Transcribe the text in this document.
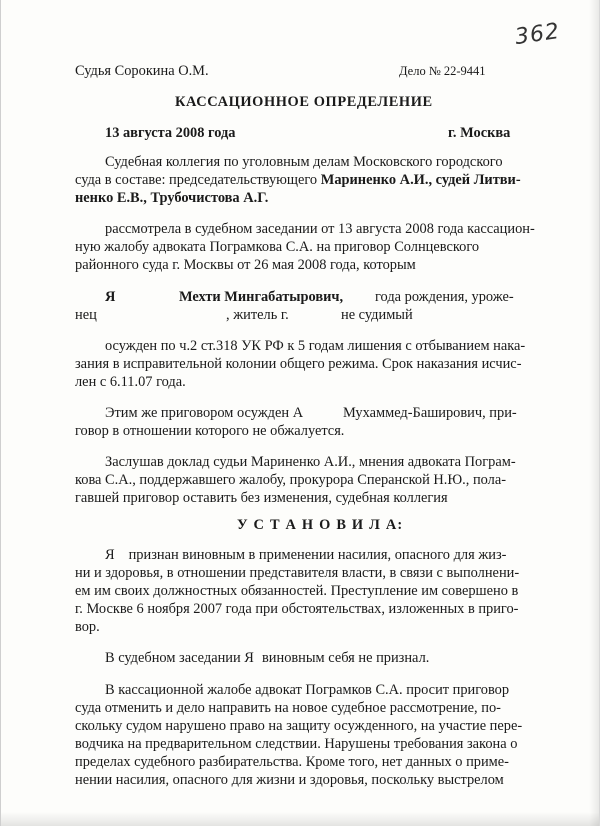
362
Судья Сорокина О.М.	Дело № 22-9441
КАССАЦИОННОЕ ОПРЕДЕЛЕНИЕ
13 августа 2008 года	г. Москва
Судебная коллегия по уголовным делам Московского городского
суда в составе: председательствующего Мариненко А.И., судей Литви-
ненко Е.В., Трубочистова А.Г.
рассмотрела в судебном заседании от 13 августа 2008 года кассацион-
ную жалобу адвоката Пограмкова С.А. на приговор Солнцевского
районного суда г. Москвы от 26 мая 2008 года, которым
Я	Мехти Мингабатырович, года рождения, уроже-
нец	, житель г.	не судимый
осужден по ч.2 ст.318 УК РФ к 5 годам лишения с отбыванием нака-
зания в исправительной колонии общего режима. Срок наказания исчис-
лен с 6.11.07 года.
Этим же приговором осужден А	Мухаммед-Баширович, при-
говор в отношении которого не обжалуется.
Заслушав доклад судьи Мариненко А.И., мнения адвоката Пограм-
кова С.А., поддержавшего жалобу, прокурора Сперанской Н.Ю., пола-
гавшей приговор оставить без изменения, судебная коллегия
У С Т А Н О В И Л А:
Я признан виновным в применении насилия, опасного для жиз-
ни и здоровья, в отношении представителя власти, в связи с выполнени-
ем им своих должностных обязанностей. Преступление им совершено в
г. Москве 6 ноября 2007 года при обстоятельствах, изложенных в приго-
В судебном заседании Я виновным себя не признал.
В кассационной жалобе адвокат Пограмков С.А. просит приговор
суда отменить и дело направить на новое судебное рассмотрение, по-
скольку судом нарушено право на защиту осужденного, на участие пере-
водчика на предварительном следствии. Нарушены требования закона о
пределах судебного разбирательства. Кроме того, нет данных о приме-
нении насилия, опасного для жизни и здоровья, поскольку выстрелом
вор.
